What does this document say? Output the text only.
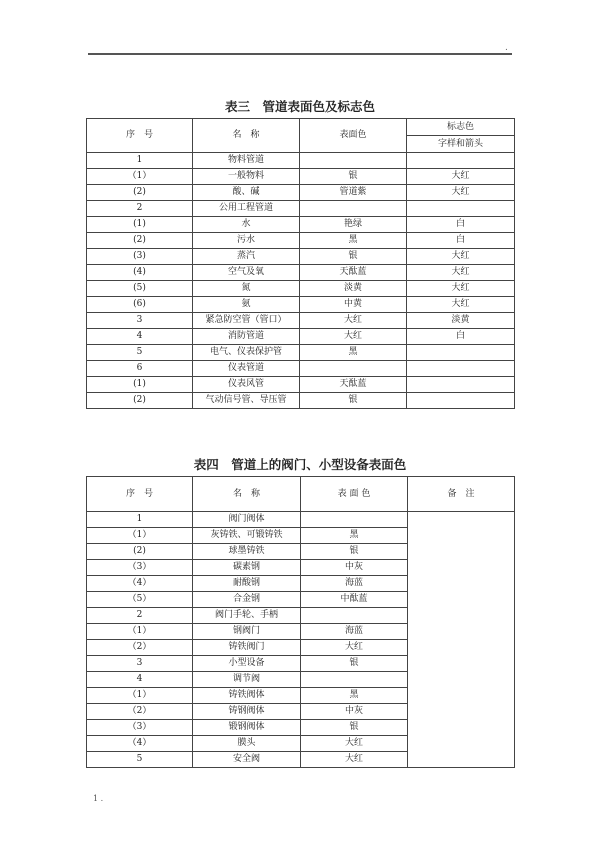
.
表三　管道表面色及标志色
序　号	名　称	表面色	标志色
			字样和箭头
1	物料管道		
（1）	一般物料	银	大红
(2)	酸、碱	管道紫	大红
2	公用工程管道		
(1)	水	艳绿	白
(2)	污水	黑	白
(3)	蒸汽	银	大红
(4)	空气及氧	天酞蓝	大红
(5)	氮	淡黄	大红
(6)	氨	中黄	大红
3	紧急防空管（管口）	大红	淡黄
4	消防管道	大红	白
5	电气、仪表保护管	黑	
6	仪表管道		
(1)	仪表风管	天酞蓝	
(2)	气动信号管、导压管	银	
表四　管道上的阀门、小型设备表面色
序　号	名　称	表 面 色	备　注
1	阀门阀体		
（1）	灰铸铁、可锻铸铁	黑	
(2)	球墨铸铁	银	
（3）	碳素钢	中灰	
（4）	耐酸钢	海蓝	
（5）	合金钢	中酞蓝	
2	阀门手轮、手柄		
（1）	钢阀门	海蓝	
（2）	铸铁阀门	大红	
3	小型设备	银	
4	调节阀		
（1）	铸铁阀体	黑	
（2）	铸钢阀体	中灰	
（3）	锻钢阀体	银	
（4）	膜头	大红	
5	安全阀	大红	
1 .
